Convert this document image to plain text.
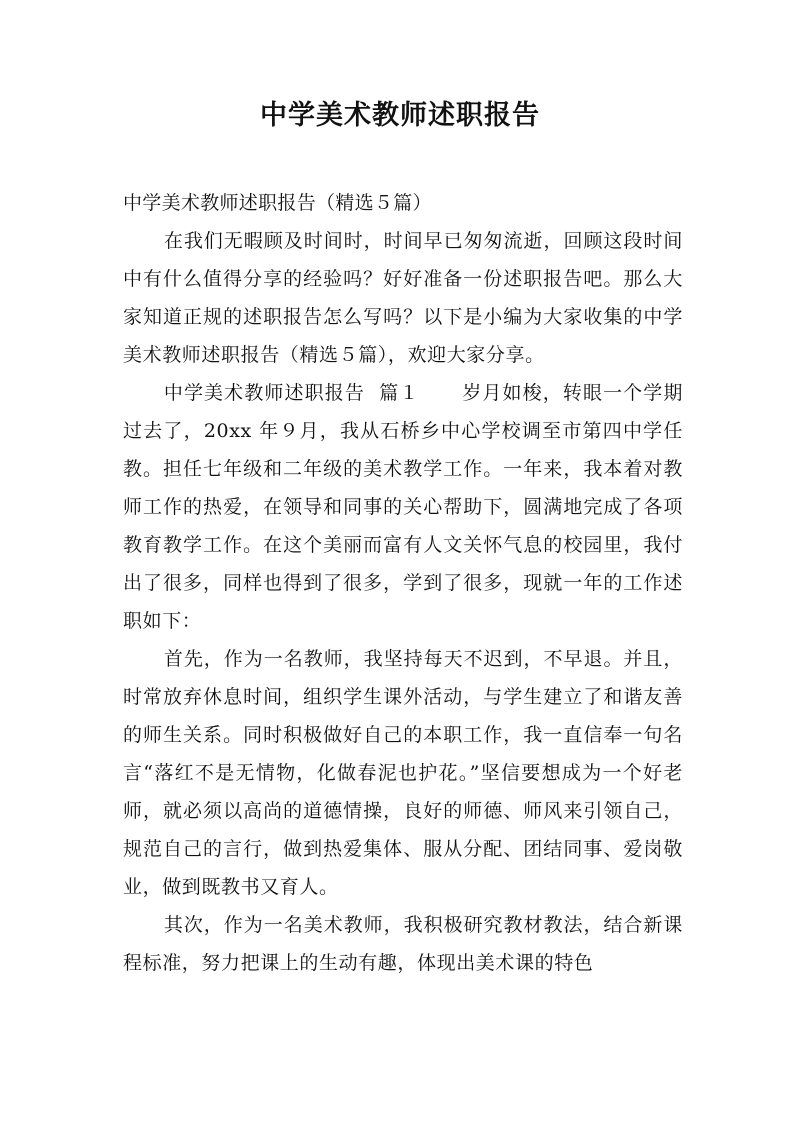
中学美术教师述职报告

中学美术教师述职报告（精选５篇）

在我们无暇顾及时间时，时间早已匆匆流逝，回顾这段时间中有什么值得分享的经验吗？好好准备一份述职报告吧。那么大家知道正规的述职报告怎么写吗？以下是小编为大家收集的中学美术教师述职报告（精选５篇），欢迎大家分享。

中学美术教师述职报告  篇１      岁月如梭，转眼一个学期过去了，20xx 年９月，我从石桥乡中心学校调至市第四中学任教。担任七年级和二年级的美术教学工作。一年来，我本着对教师工作的热爱，在领导和同事的关心帮助下，圆满地完成了各项教育教学工作。在这个美丽而富有人文关怀气息的校园里，我付出了很多，同样也得到了很多，学到了很多，现就一年的工作述职如下：

首先，作为一名教师，我坚持每天不迟到，不早退。并且，时常放弃休息时间，组织学生课外活动，与学生建立了和谐友善的师生关系。同时积极做好自己的本职工作，我一直信奉一句名言“落红不是无情物，化做春泥也护花。”坚信要想成为一个好老师，就必须以高尚的道德情操，良好的师德、师风来引领自己，规范自己的言行，做到热爱集体、服从分配、团结同事、爱岗敬业，做到既教书又育人。

其次，作为一名美术教师，我积极研究教材教法，结合新课程标准，努力把课上的生动有趣，体现出美术课的特色
